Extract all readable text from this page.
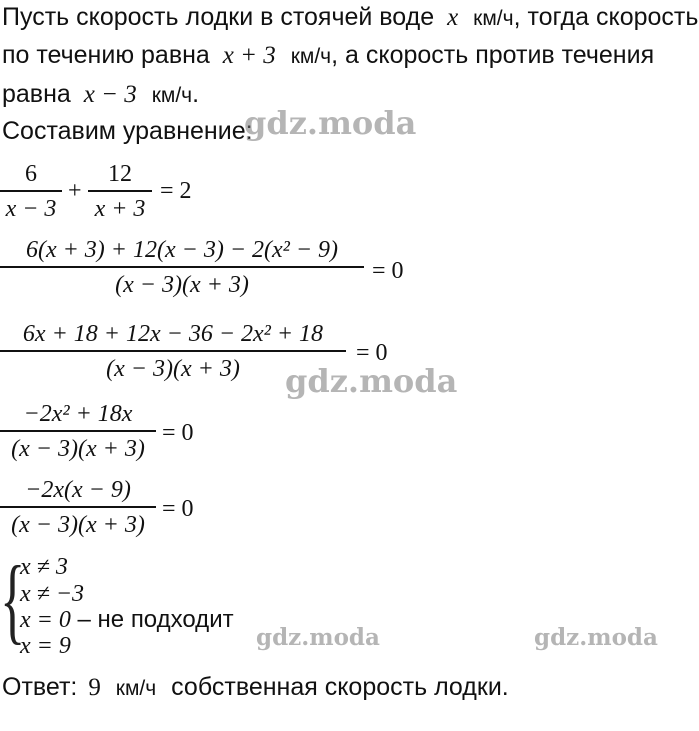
Пусть скорость лодки в стоячей воде x км/ч, тогда скорость
по течению равна x + 3 км/ч, а скорость против течения
равна x − 3 км/ч.
Составим уравнение:
6
x − 3
+
12
x + 3
= 2
6(x + 3) + 12(x − 3) − 2(x² − 9)
(x − 3)(x + 3)
= 0
6x + 18 + 12x − 36 − 2x² + 18
(x − 3)(x + 3)
= 0
−2x² + 18x
(x − 3)(x + 3)
= 0
−2x(x − 9)
(x − 3)(x + 3)
= 0
{
x ≠ 3
x ≠ −3
x = 0 – не подходит
x = 9
Ответ: 9 км/ч собственная скорость лодки.
gdz.moda
gdz.moda
gdz.moda	gdz.moda
